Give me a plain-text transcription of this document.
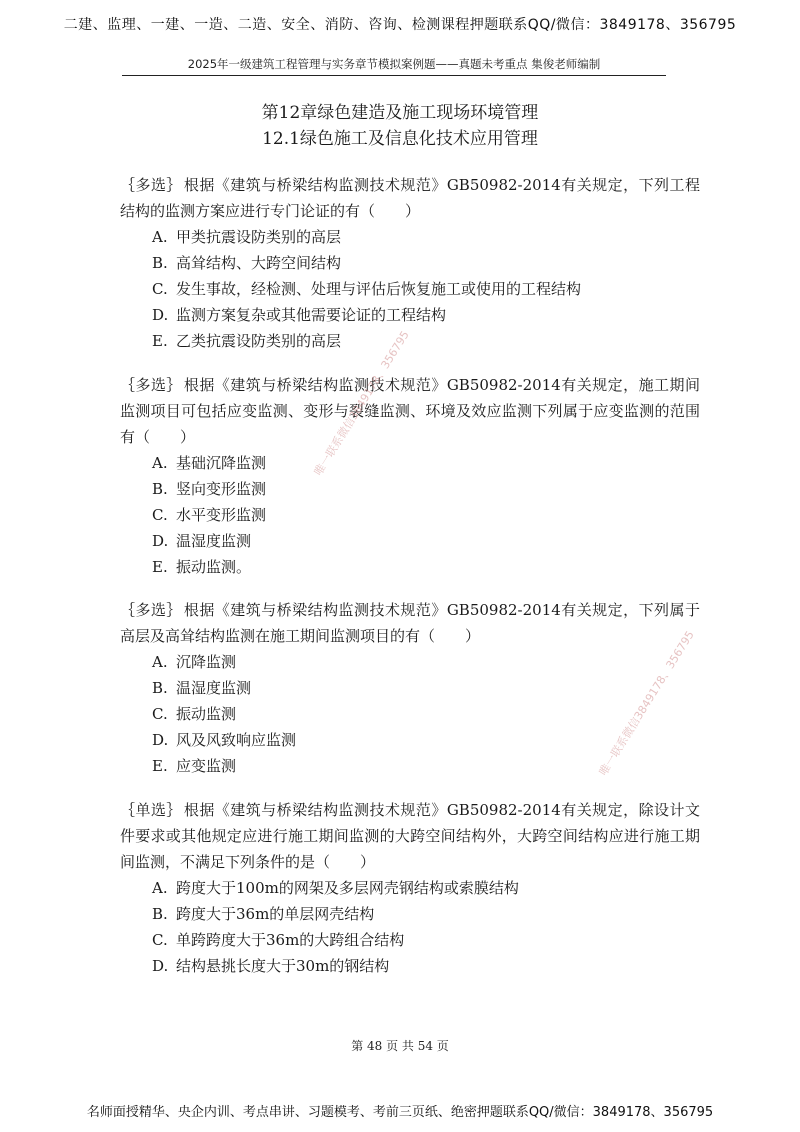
二建、监理、一建、一造、二造、安全、消防、咨询、检测课程押题联系QQ/微信：3849178、356795
2025年一级建筑工程管理与实务章节模拟案例题——真题未考重点 集俊老师编制
第12章绿色建造及施工现场环境管理
12.1绿色施工及信息化技术应用管理
｛多选｝ 根据《建筑与桥梁结构监测技术规范》GB50982-2014有关规定，下列工程结构的监测方案应进行专门论证的有（　　）
A. 甲类抗震设防类别的高层
B. 高耸结构、大跨空间结构
C. 发生事故，经检测、处理与评估后恢复施工或使用的工程结构
D. 监测方案复杂或其他需要论证的工程结构
E. 乙类抗震设防类别的高层
｛多选｝ 根据《建筑与桥梁结构监测技术规范》GB50982-2014有关规定，施工期间监测项目可包括应变监测、变形与裂缝监测、环境及效应监测下列属于应变监测的范围有（　　）
A. 基础沉降监测
B. 竖向变形监测
C. 水平变形监测
D. 温湿度监测
E. 振动监测。
｛多选｝ 根据《建筑与桥梁结构监测技术规范》GB50982-2014有关规定，下列属于高层及高耸结构监测在施工期间监测项目的有（　　）
A. 沉降监测
B. 温湿度监测
C. 振动监测
D. 风及风致响应监测
E. 应变监测
｛单选｝ 根据《建筑与桥梁结构监测技术规范》GB50982-2014有关规定，除设计文件要求或其他规定应进行施工期间监测的大跨空间结构外，大跨空间结构应进行施工期间监测，不满足下列条件的是（　　）
A. 跨度大于100m的网架及多层网壳钢结构或索膜结构
B. 跨度大于36m的单层网壳结构
C. 单跨跨度大于36m的大跨组合结构
D. 结构悬挑长度大于30m的钢结构
唯一联系微信3849178、356795
唯一联系微信3849178、356795
第 48 页 共 54 页
名师面授精华、央企内训、考点串讲、习题模考、考前三页纸、绝密押题联系QQ/微信：3849178、356795
